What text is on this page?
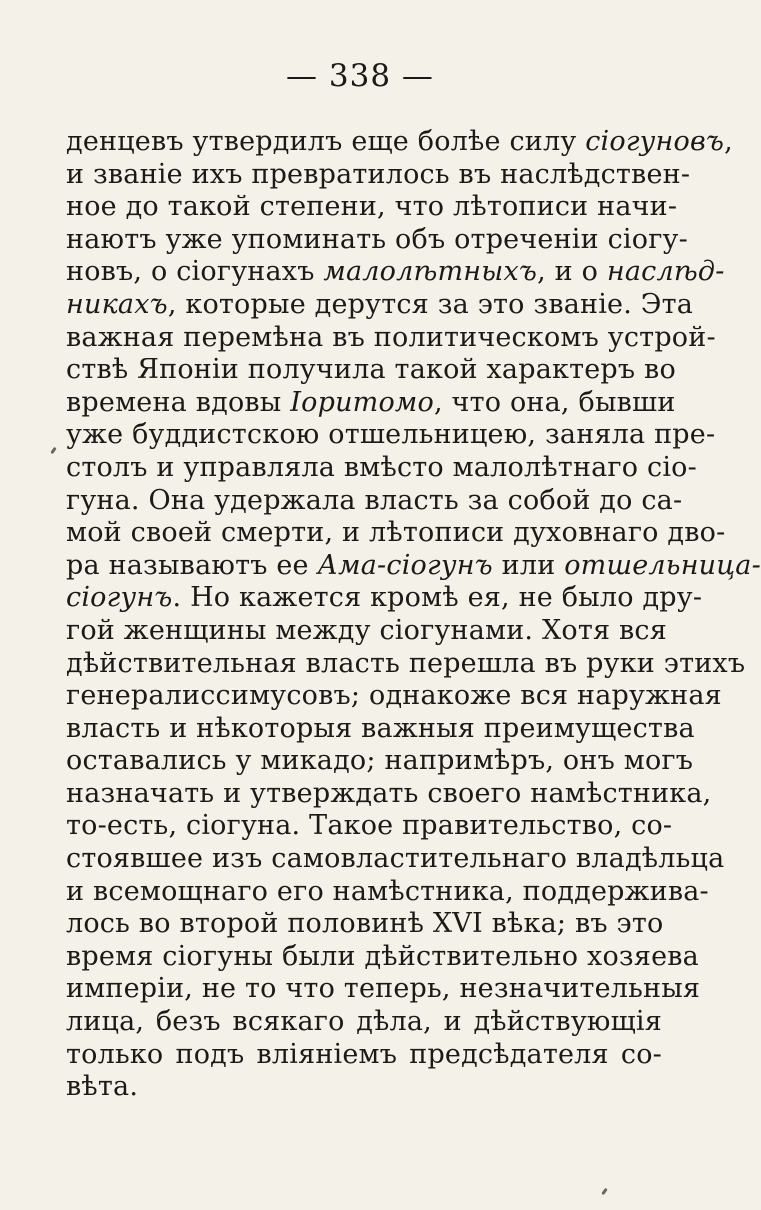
— 338 —
денцевъ утвердилъ еще болѣе силу сіогуновъ,
и званіе ихъ превратилось въ наслѣдствен-
ное до такой степени, что лѣтописи начи-
наютъ уже упоминать объ отреченіи сіогу-
новъ, о сіогунахъ малолѣтныхъ, и о наслѣд-
никахъ, которые дерутся за это званіе. Эта
важная перемѣна въ политическомъ устрой-
ствѣ Японіи получила такой характеръ во
времена вдовы Іоритомо, что она, бывши
уже буддистскою отшельницею, заняла пре-
столъ и управляла вмѣсто малолѣтнаго сіо-
гуна. Она удержала власть за собой до са-
мой своей смерти, и лѣтописи духовнаго дво-
ра называютъ ее Ама-сіогунъ или отшельница-
сіогунъ. Но кажется кромѣ ея, не было дру-
гой женщины между сіогунами. Хотя вся
дѣйствительная власть перешла въ руки этихъ
генералиссимусовъ; однакоже вся наружная
власть и нѣкоторыя важныя преимущества
оставались у микадо; напримѣръ, онъ могъ
назначать и утверждать своего намѣстника,
то-есть, сіогуна. Такое правительство, со-
стоявшее изъ самовластительнаго владѣльца
и всемощнаго его намѣстника, поддержива-
лось во второй половинѣ XVI вѣка; въ это
время сіогуны были дѣйствительно хозяева
имперіи, не то что теперь, незначительныя
лица, безъ всякаго дѣла, и дѣйствующія
только подъ вліяніемъ предсѣдателя со-
вѣта.
